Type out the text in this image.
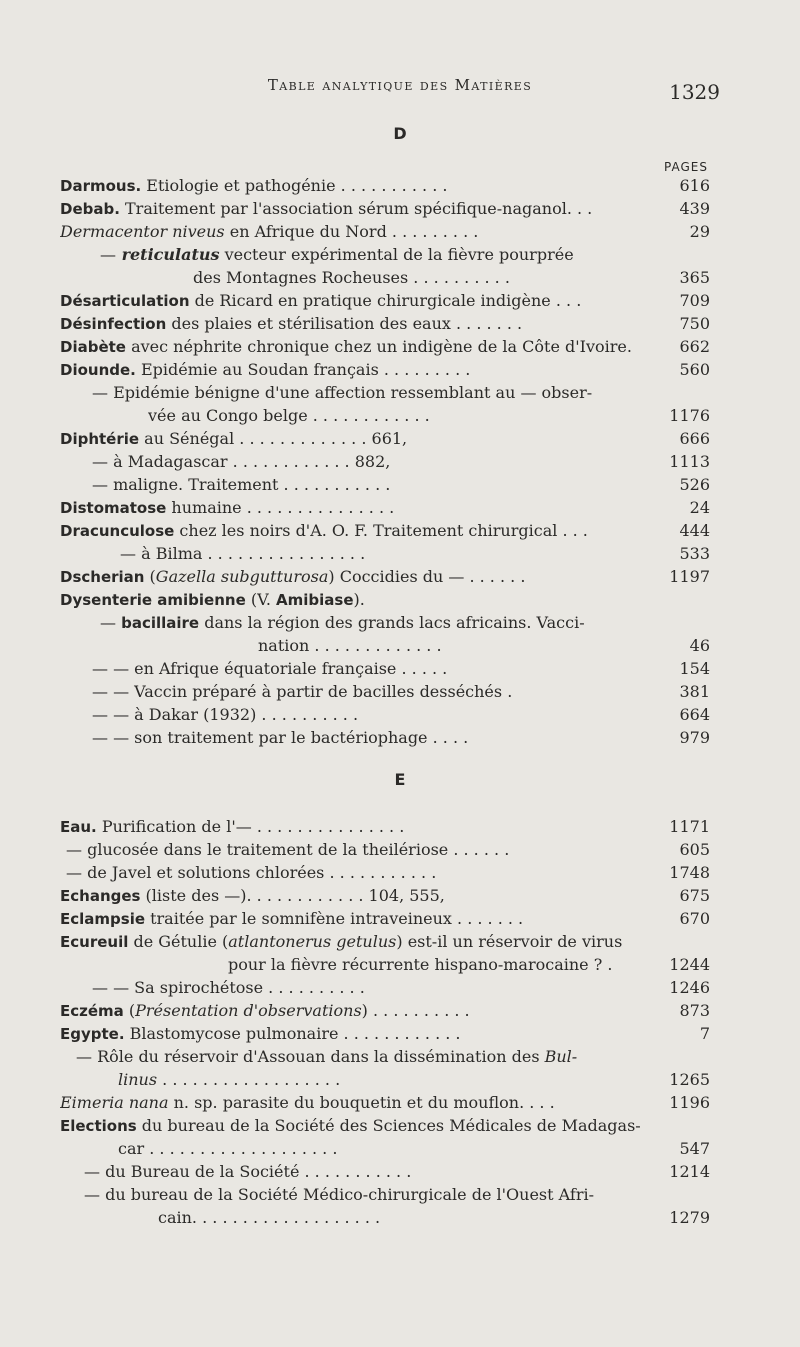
Table analytique des Matières	1329
D
PAGES
Darmous. Etiologie et pathogénie . . . . . . . . . . .	616
Debab. Traitement par l'association sérum spécifique-naganol. . .	439
Dermacentor niveus en Afrique du Nord . . . . . . . . .	29
— reticulatus vecteur expérimental de la fièvre pourprée
des Montagnes Rocheuses . . . . . . . . . .	365
Désarticulation de Ricard en pratique chirurgicale indigène . . .	709
Désinfection des plaies et stérilisation des eaux . . . . . . .	750
Diabète avec néphrite chronique chez un indigène de la Côte d'Ivoire.	662
Diounde. Epidémie au Soudan français . . . . . . . . .	560
— Epidémie bénigne d'une affection ressemblant au — obser-
vée au Congo belge . . . . . . . . . . . .	1176
Diphtérie au Sénégal . . . . . . . . . . . . . 661,	666
— à Madagascar . . . . . . . . . . . . 882,	1113
— maligne. Traitement . . . . . . . . . . .	526
Distomatose humaine . . . . . . . . . . . . . . .	24
Dracunculose chez les noirs d'A. O. F. Traitement chirurgical . . .	444
— à Bilma . . . . . . . . . . . . . . . .	533
Dscherian (Gazella subgutturosa) Coccidies du — . . . . . .	1197
Dysenterie amibienne (V. Amibiase).
— bacillaire dans la région des grands lacs africains. Vacci-
nation . . . . . . . . . . . . .	46
— — en Afrique équatoriale française . . . . .	154
— — Vaccin préparé à partir de bacilles desséchés .	381
— — à Dakar (1932) . . . . . . . . . .	664
— — son traitement par le bactériophage . . . .	979
E
Eau. Purification de l'— . . . . . . . . . . . . . . .	1171
— glucosée dans le traitement de la theilériose . . . . . .	605
— de Javel et solutions chlorées . . . . . . . . . . .	1748
Echanges (liste des —). . . . . . . . . . . . 104, 555,	675
Eclampsie traitée par le somnifène intraveineux . . . . . . .	670
Ecureuil de Gétulie (atlantonerus getulus) est-il un réservoir de virus
pour la fièvre récurrente hispano-marocaine ? .	1244
— — Sa spirochétose . . . . . . . . . .	1246
Eczéma (Présentation d'observations) . . . . . . . . . .	873
Egypte. Blastomycose pulmonaire . . . . . . . . . . . .	7
— Rôle du réservoir d'Assouan dans la dissémination des Bul-
linus . . . . . . . . . . . . . . . . . .	1265
Eimeria nana n. sp. parasite du bouquetin et du mouflon. . . .	1196
Elections du bureau de la Société des Sciences Médicales de Madagas-
car . . . . . . . . . . . . . . . . . . .	547
— du Bureau de la Société . . . . . . . . . . .	1214
— du bureau de la Société Médico-chirurgicale de l'Ouest Afri-
cain. . . . . . . . . . . . . . . . . . .	1279
